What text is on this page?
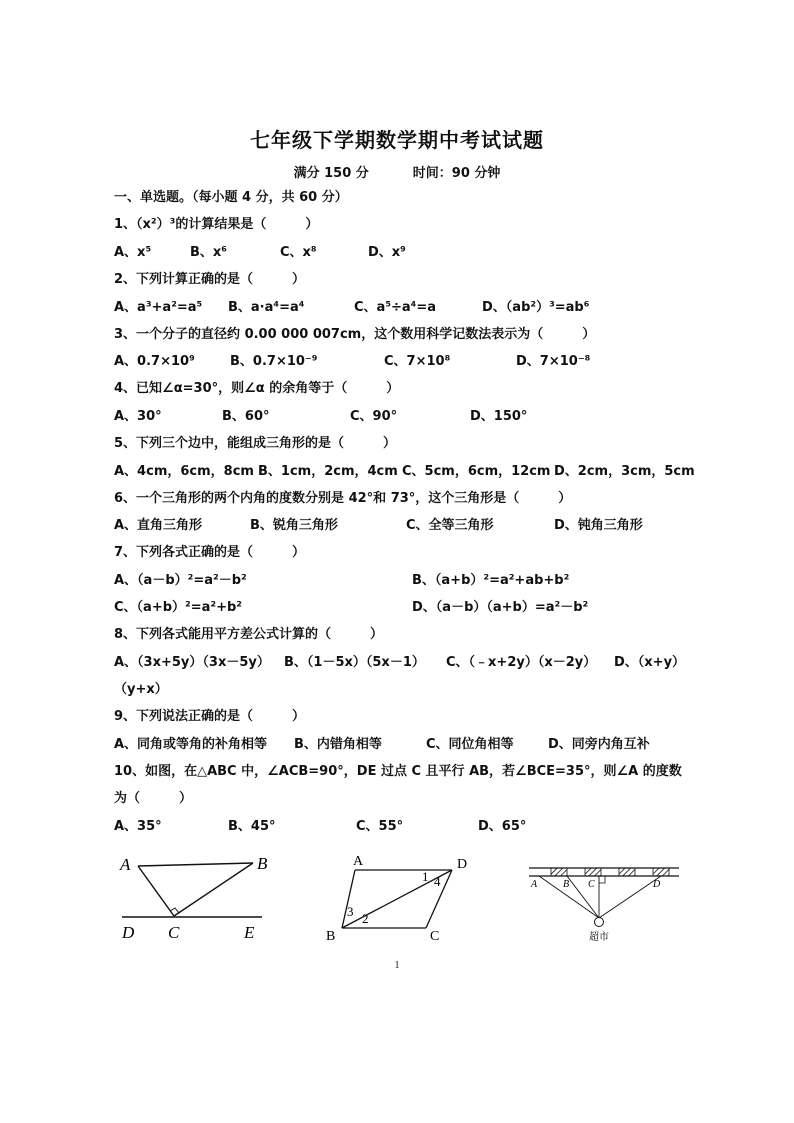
七年级下学期数学期中考试试题
满分 150 分	时间：90 分钟
一、单选题。（每小题 4 分，共 60 分）
1、（x²）³的计算结果是（　　　）
A、x⁵	B、x⁶	C、x⁸	D、x⁹
2、下列计算正确的是（　　　）
A、a³+a²=a⁵ B、a·a⁴=a⁴	C、a⁵÷a⁴=a	D、（ab²）³=ab⁶
3、一个分子的直径约 0.00 000 007cm，这个数用科学记数法表示为（　　　）
A、0.7×10⁹	B、0.7×10⁻⁹	C、7×10⁸	D、7×10⁻⁸
4、已知∠α=30°，则∠α 的余角等于（　　　）
A、30°	B、60°	C、90°	D、150°
5、下列三个边中，能组成三角形的是（　　　）
A、4cm，6cm，8cm B、1cm，2cm，4cm C、5cm，6cm，12cm D、2cm，3cm，5cm
6、一个三角形的两个内角的度数分别是 42°和 73°，这个三角形是（　　　）
A、直角三角形	B、锐角三角形	C、全等三角形	D、钝角三角形
7、下列各式正确的是（　　　）
A、（a－b）²=a²－b²	B、（a+b）²=a²+ab+b²
C、（a+b）²=a²+b²	D、（a－b）（a+b）=a²－b²
8、下列各式能用平方差公式计算的（　　　）
A、（3x+5y）（3x－5y） B、（1－5x）（5x－1） C、（﹣x+2y）（x－2y） D、（x+y）
（y+x）
9、下列说法正确的是（　　　）
A、同角或等角的补角相等 B、内错角相等	C、同位角相等	D、同旁内角互补
10、如图，在△ABC 中，∠ACB=90°，DE 过点 C 且平行 AB，若∠BCE=35°，则∠A 的度数
为（　　　）
A、35°	B、45°	C、55°	D、65°
A	B
C
D	E
A	D
B	C
1
2
3
4	A	B C	D
超市
1
